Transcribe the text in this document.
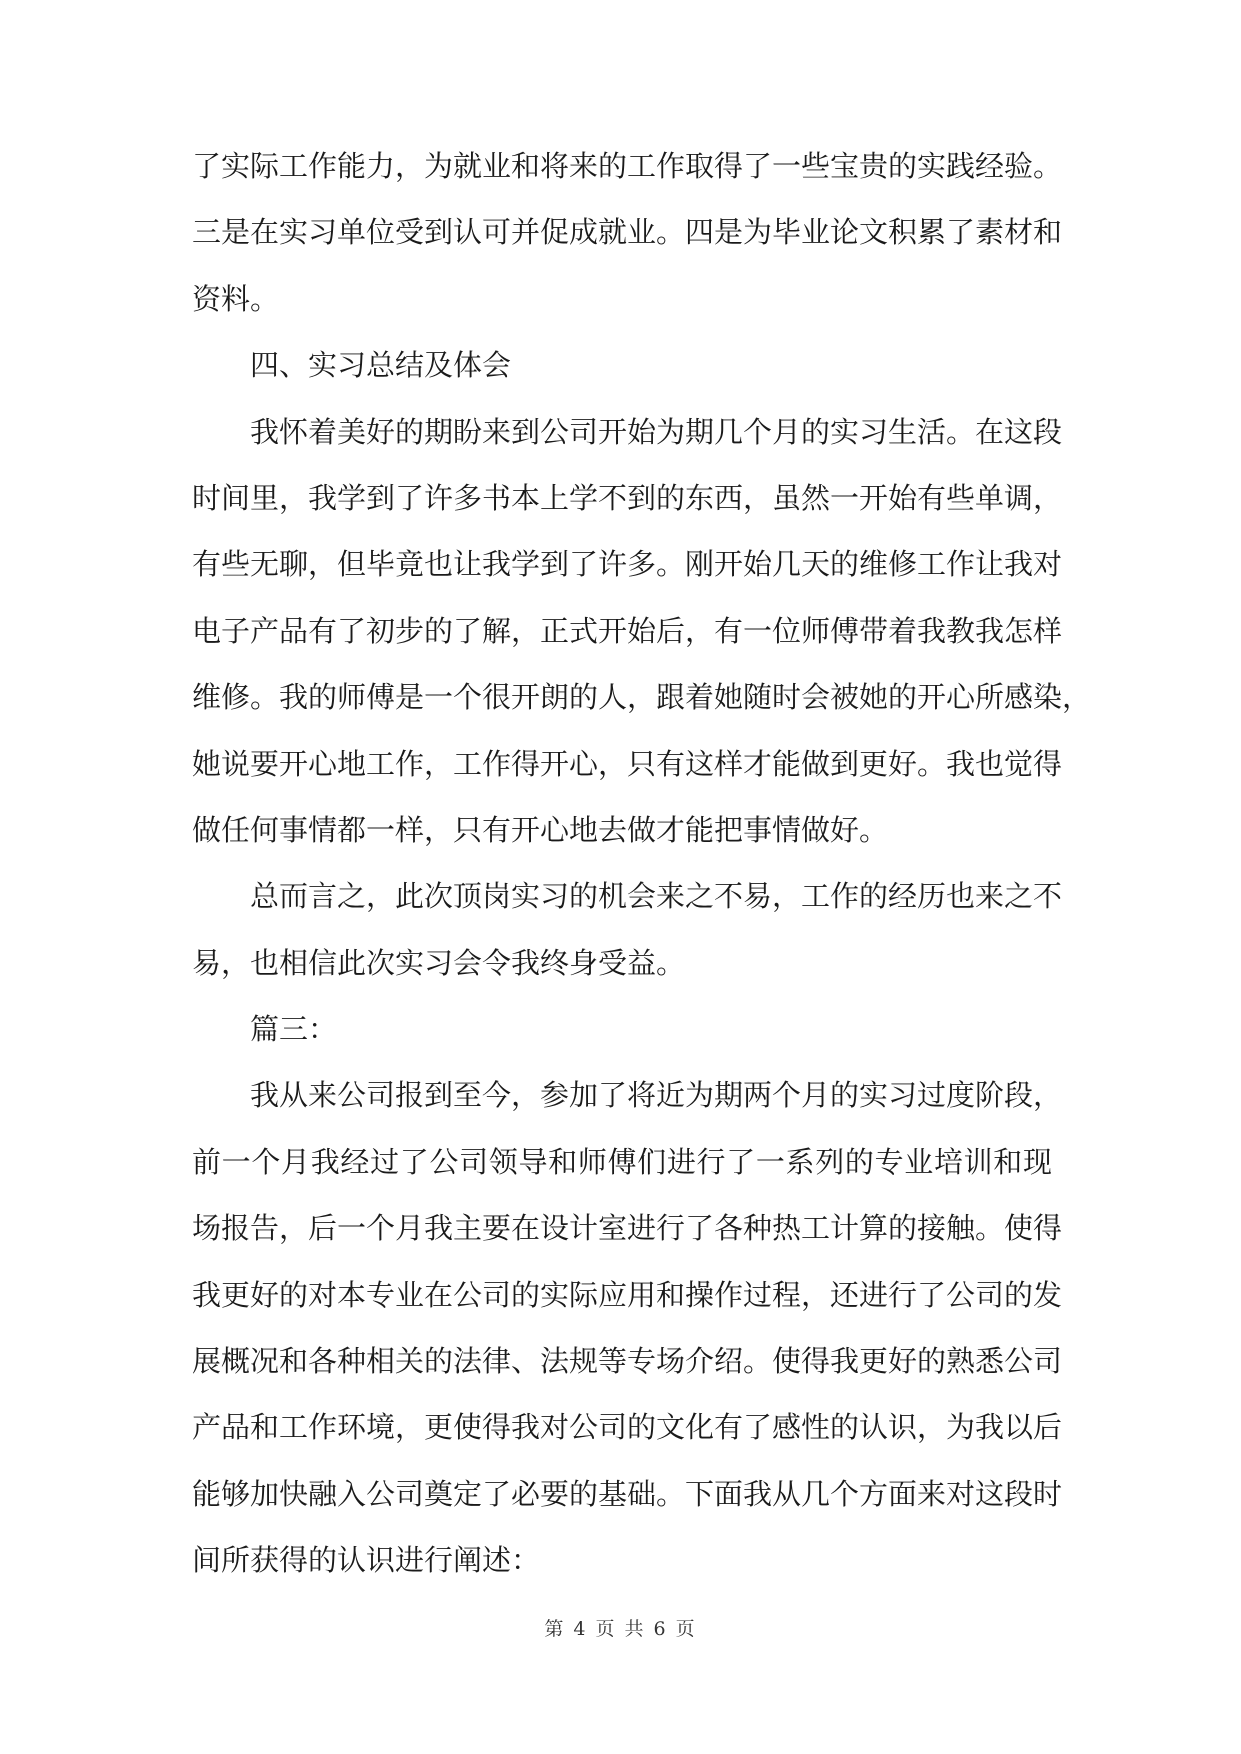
了实际工作能力，为就业和将来的工作取得了一些宝贵的实践经验。
三是在实习单位受到认可并促成就业。四是为毕业论文积累了素材和
资料。
四、实习总结及体会
我怀着美好的期盼来到公司开始为期几个月的实习生活。在这段
时间里，我学到了许多书本上学不到的东西，虽然一开始有些单调，
有些无聊，但毕竟也让我学到了许多。刚开始几天的维修工作让我对
电子产品有了初步的了解，正式开始后，有一位师傅带着我教我怎样
维修。我的师傅是一个很开朗的人，跟着她随时会被她的开心所感染，
她说要开心地工作，工作得开心，只有这样才能做到更好。我也觉得
做任何事情都一样，只有开心地去做才能把事情做好。
总而言之，此次顶岗实习的机会来之不易，工作的经历也来之不
易，也相信此次实习会令我终身受益。
篇三：
我从来公司报到至今，参加了将近为期两个月的实习过度阶段，
前一个月我经过了公司领导和师傅们进行了一系列的专业培训和现
场报告，后一个月我主要在设计室进行了各种热工计算的接触。使得
我更好的对本专业在公司的实际应用和操作过程，还进行了公司的发
展概况和各种相关的法律、法规等专场介绍。使得我更好的熟悉公司
产品和工作环境，更使得我对公司的文化有了感性的认识，为我以后
能够加快融入公司奠定了必要的基础。下面我从几个方面来对这段时
间所获得的认识进行阐述：
第 4 页 共 6 页
